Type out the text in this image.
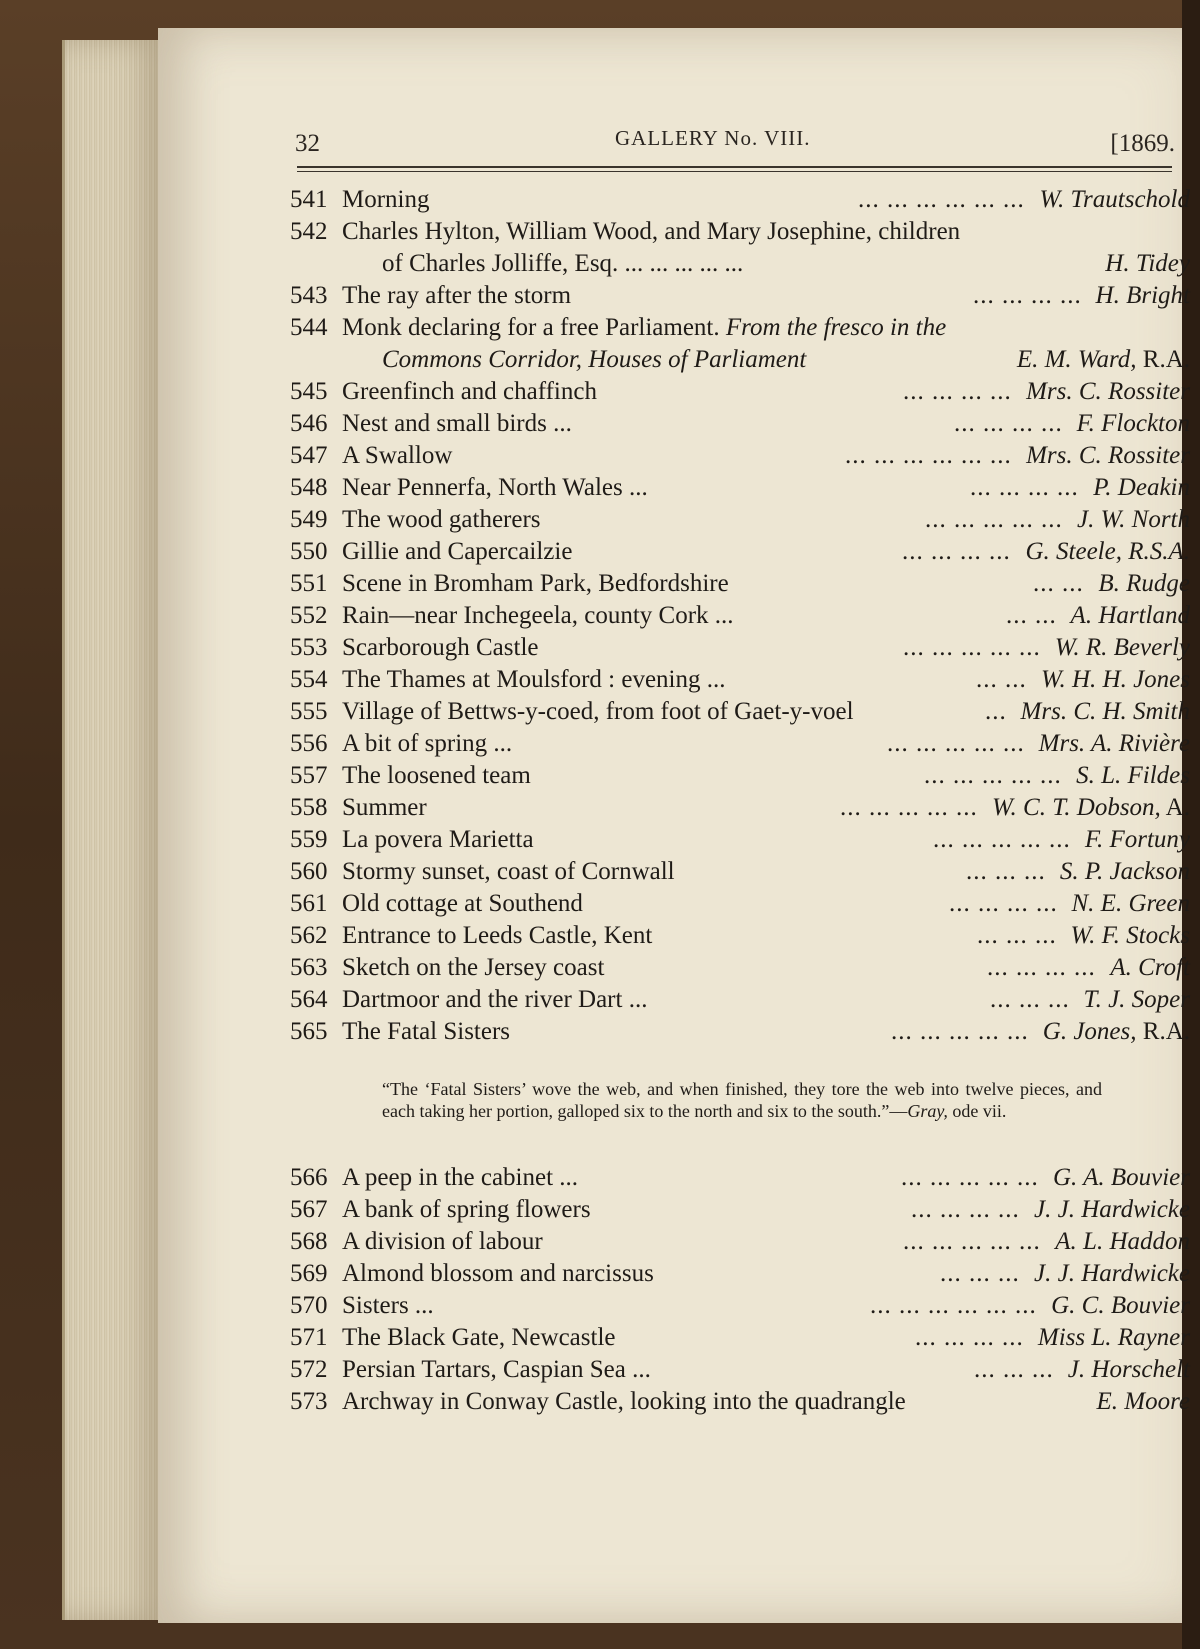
32	GALLERY No. VIII.	[1869.
541 Morning	... ... ... ... ... ... W. Trautschold
542 Charles Hylton, William Wood, and Mary Josephine, children
of Charles Jolliffe, Esq. ... ... ... ... ...	H. Tidey
543 The ray after the storm	... ... ... ... H. Bright
544 Monk declaring for a free Parliament. From the fresco in the
Commons Corridor, Houses of Parliament	E. M. Ward, R.A.
545 Greenfinch and chaffinch	... ... ... ... Mrs. C. Rossiter
546 Nest and small birds ...	... ... ... ... F. Flockton
547 A Swallow	... ... ... ... ... ... Mrs. C. Rossiter
548 Near Pennerfa, North Wales ...	... ... ... ... P. Deakin
549 The wood gatherers	... ... ... ... ... J. W. North
550 Gillie and Capercailzie	... ... ... ... G. Steele, R.S.A.
551 Scene in Bromham Park, Bedfordshire	... ... B. Rudge
552 Rain—near Inchegeela, county Cork ...	... ... A. Hartland
553 Scarborough Castle	... ... ... ... ... W. R. Beverly
554 The Thames at Moulsford : evening ...	... ... W. H. H. Jones
555 Village of Bettws-y-coed, from foot of Gaet-y-voel	... Mrs. C. H. Smith
556 A bit of spring ...	... ... ... ... ... Mrs. A. Rivière
557 The loosened team	... ... ... ... ... S. L. Fildes
558 Summer	... ... ... ... ... W. C. T. Dobson, A.
559 La povera Marietta	... ... ... ... ... F. Fortuny
560 Stormy sunset, coast of Cornwall	... ... ... S. P. Jackson
561 Old cottage at Southend	... ... ... ... N. E. Green
562 Entrance to Leeds Castle, Kent	... ... ... W. F. Stocks
563 Sketch on the Jersey coast	... ... ... ... A. Croft
564 Dartmoor and the river Dart ...	... ... ... T. J. Soper
565 The Fatal Sisters	... ... ... ... ... G. Jones, R.A.
“The ‘Fatal Sisters’ wove the web, and when finished, they tore the web into twelve pieces, and each taking her portion, galloped six to the north and six to the south.”—Gray, ode vii.
566 A peep in the cabinet ...	... ... ... ... ... G. A. Bouvier
567 A bank of spring flowers	... ... ... ... J. J. Hardwicke
568 A division of labour	... ... ... ... ... A. L. Haddon
569 Almond blossom and narcissus	... ... ... J. J. Hardwicke
570 Sisters ...	... ... ... ... ... ... G. C. Bouvier
571 The Black Gate, Newcastle	... ... ... ... Miss L. Rayner
572 Persian Tartars, Caspian Sea ...	... ... ... J. Horschelt
573 Archway in Conway Castle, looking into the quadrangle	E. Moore
